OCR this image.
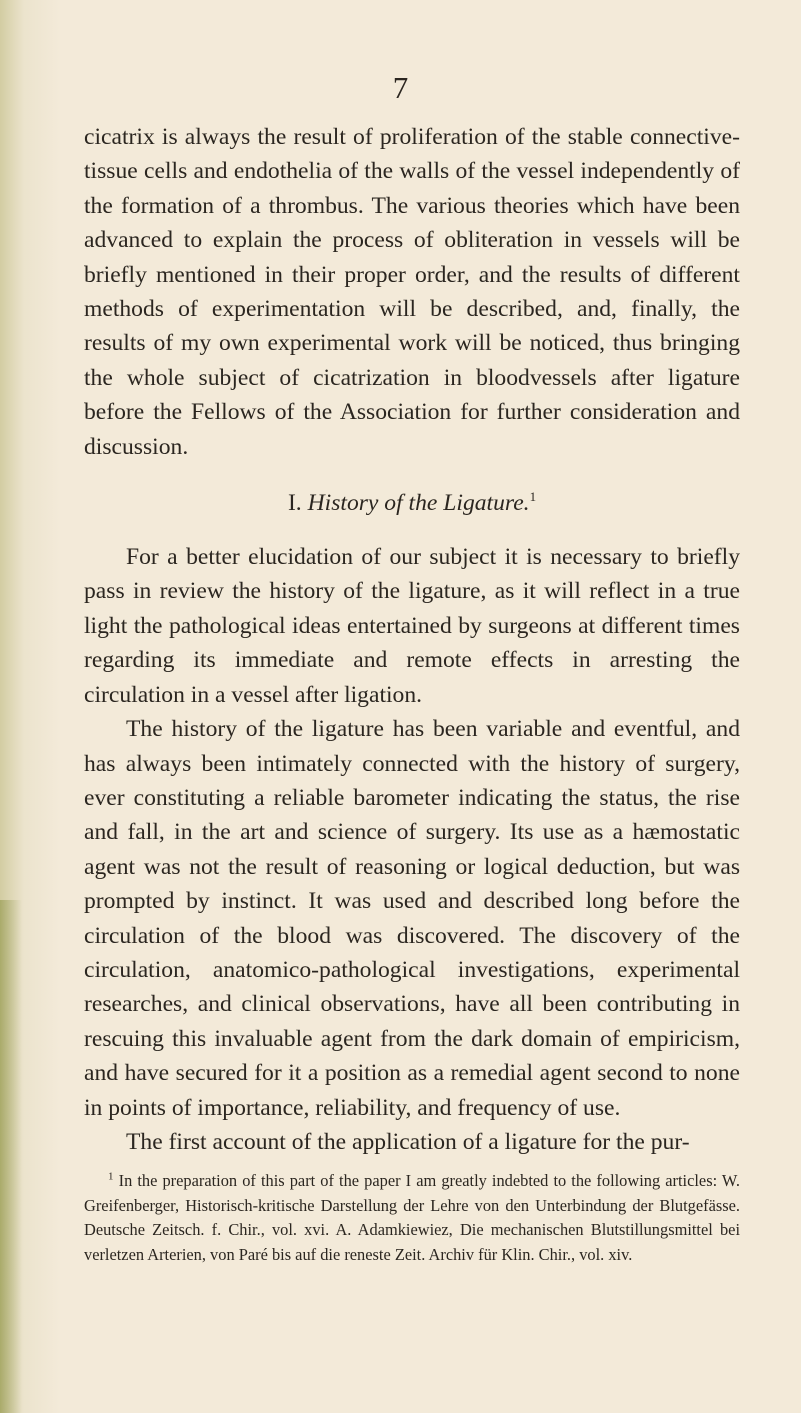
7

cicatrix is always the result of proliferation of the stable connective-tissue cells and endothelia of the walls of the vessel independently of the formation of a thrombus. The various theories which have been advanced to explain the process of obliteration in vessels will be briefly mentioned in their proper order, and the results of different methods of experimentation will be described, and, finally, the results of my own experimental work will be noticed, thus bringing the whole subject of cicatrization in bloodvessels after ligature before the Fellows of the Association for further consideration and discussion.

I. History of the Ligature.$^1$

For a better elucidation of our subject it is necessary to briefly pass in review the history of the ligature, as it will reflect in a true light the pathological ideas entertained by surgeons at different times regarding its immediate and remote effects in arresting the circulation in a vessel after ligation.

The history of the ligature has been variable and eventful, and has always been intimately connected with the history of surgery, ever constituting a reliable barometer indicating the status, the rise and fall, in the art and science of surgery. Its use as a hæmostatic agent was not the result of reasoning or logical deduction, but was prompted by instinct. It was used and described long before the circulation of the blood was discovered. The discovery of the circulation, anatomico-pathological investigations, experimental researches, and clinical observations, have all been contributing in rescuing this invaluable agent from the dark domain of empiricism, and have secured for it a position as a remedial agent second to none in points of importance, reliability, and frequency of use.

The first account of the application of a ligature for the pur-

$^1$ In the preparation of this part of the paper I am greatly indebted to the following articles: W. Greifenberger, Historisch-kritische Darstellung der Lehre von den Unterbindung der Blutgefässe. Deutsche Zeitsch. f. Chir., vol. xvi. A. Adamkiewiez, Die mechanischen Blutstillungsmittel bei verletzen Arterien, von Paré bis auf die reneste Zeit. Archiv für Klin. Chir., vol. xiv.
